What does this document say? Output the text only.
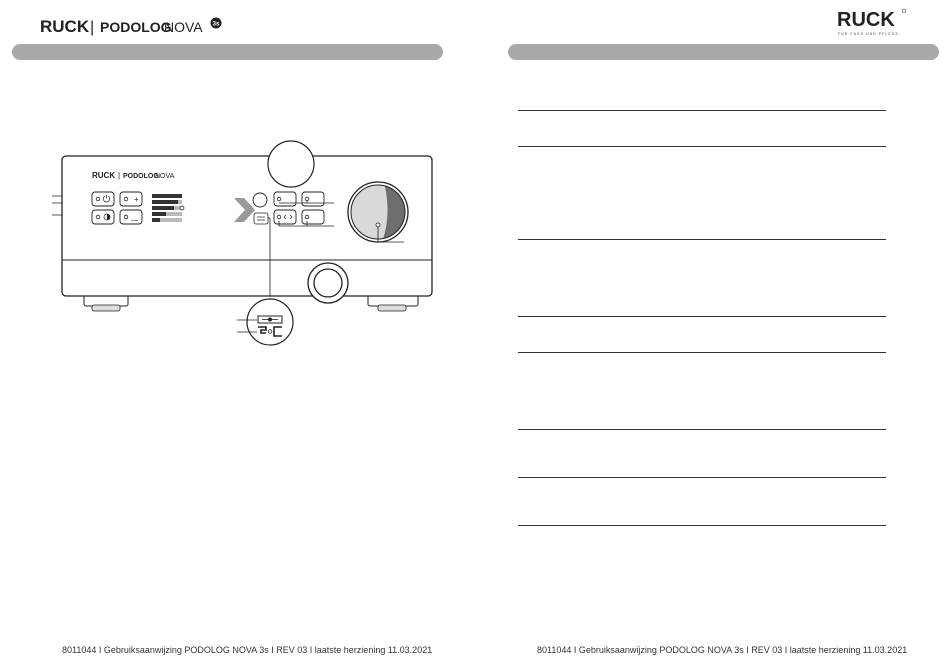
RUCK | PODOLOG
NOVA 3s
RUCK | PODOLOG
NOVA
+
—
8011044 I Gebruiksaanwijzing PODOLOG NOVA 3s I REV 03 I laatste herziening 11.03.2021
RUCK
FÜR FUSS UND PFLEGE
8011044 I Gebruiksaanwijzing PODOLOG NOVA 3s I REV 03 I laatste herziening 11.03.2021
